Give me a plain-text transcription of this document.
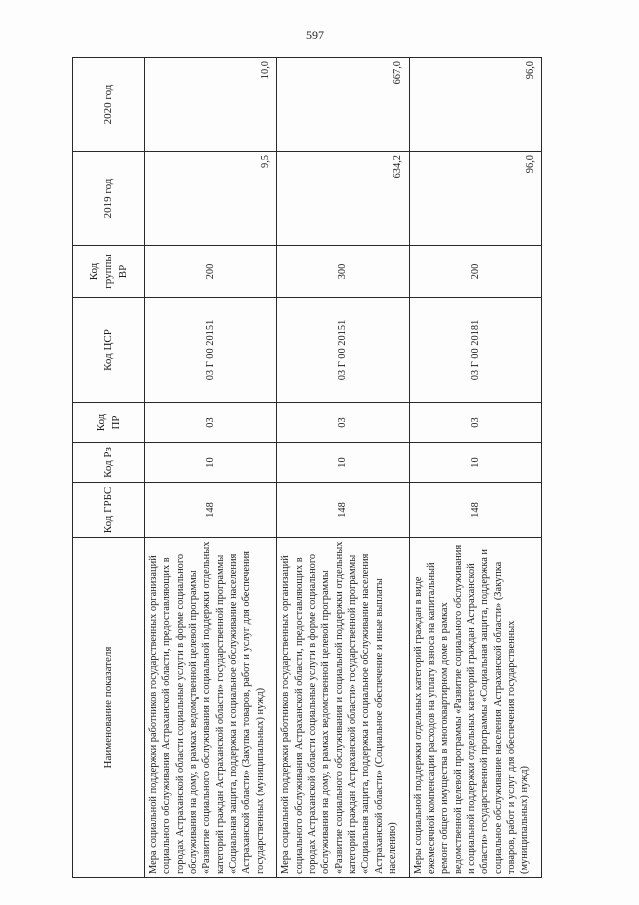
597
Наименование показателя	Код ГРБС	Код Рз	Код ПР	Код ЦСР	Код группы ВР	2019 год	2020 год
Мера социальной поддержки работников государственных организаций социального обслуживания Астраханской области, предоставляющих в городах Астраханской области социальные услуги в форме социального обслуживания на дому, в рамках ведомственной целевой программы «Развитие социального обслуживания и социальной поддержки отдельных категорий граждан Астраханской области» государственной программы «Социальная защита, поддержка и социальное обслуживание населения Астраханской области» (Закупка товаров, работ и услуг для обеспечения государственных (муниципальных) нужд)	148	10	03	03 Г 00 20151	200	9,5	10,0
Мера социальной поддержки работников государственных организаций социального обслуживания Астраханской области, предоставляющих в городах Астраханской области социальные услуги в форме социального обслуживания на дому, в рамках ведомственной целевой программы «Развитие социального обслуживания и социальной поддержки отдельных категорий граждан Астраханской области» государственной программы «Социальная защита, поддержка и социальное обслуживание населения Астраханской области» (Социальное обеспечение и иные выплаты населению)	148	10	03	03 Г 00 20151	300	634,2	667,0
Меры социальной поддержки отдельных категорий граждан в виде ежемесячной компенсации расходов на уплату взноса на капитальный ремонт общего имущества в многоквартирном доме в рамках ведомственной целевой программы «Развитие социального обслуживания и социальной поддержки отдельных категорий граждан Астраханской области» государственной программы «Социальная защита, поддержка и социальное обслуживание населения Астраханской области» (Закупка товаров, работ и услуг для обеспечения государственных (муниципальных) нужд)	148	10	03	03 Г 00 20181	200	96,0	96,0
